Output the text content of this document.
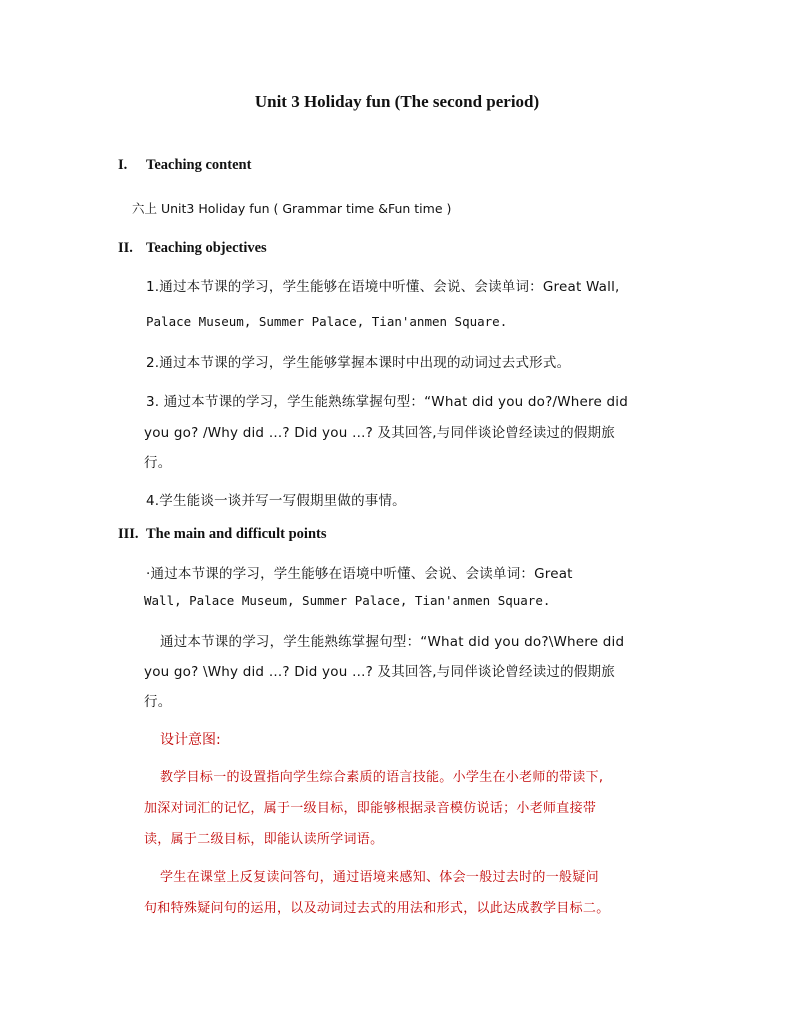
Unit 3 Holiday fun (The second period)
I. Teaching content
六上 Unit3 Holiday fun ( Grammar time &Fun time )
II. Teaching objectives
1.通过本节课的学习，学生能够在语境中听懂、会说、会读单词：Great Wall,
Palace Museum, Summer Palace, Tian'anmen Square.
2.通过本节课的学习，学生能够掌握本课时中出现的动词过去式形式。
3. 通过本节课的学习，学生能熟练掌握句型：“What did you do?/Where did
you go? /Why did …? Did you …? 及其回答,与同伴谈论曾经读过的假期旅
行。
4.学生能谈一谈并写一写假期里做的事情。
III. The main and difficult points
·通过本节课的学习，学生能够在语境中听懂、会说、会读单词：Great
Wall, Palace Museum, Summer Palace, Tian'anmen Square.
通过本节课的学习，学生能熟练掌握句型：“What did you do?\Where did
you go? \Why did …? Did you …? 及其回答,与同伴谈论曾经读过的假期旅
行。
设计意图:
教学目标一的设置指向学生综合素质的语言技能。小学生在小老师的带读下,
加深对词汇的记忆，属于一级目标，即能够根据录音模仿说话；小老师直接带
读，属于二级目标，即能认读所学词语。
学生在课堂上反复读问答句，通过语境来感知、体会一般过去时的一般疑问
句和特殊疑问句的运用，以及动词过去式的用法和形式，以此达成教学目标二。
